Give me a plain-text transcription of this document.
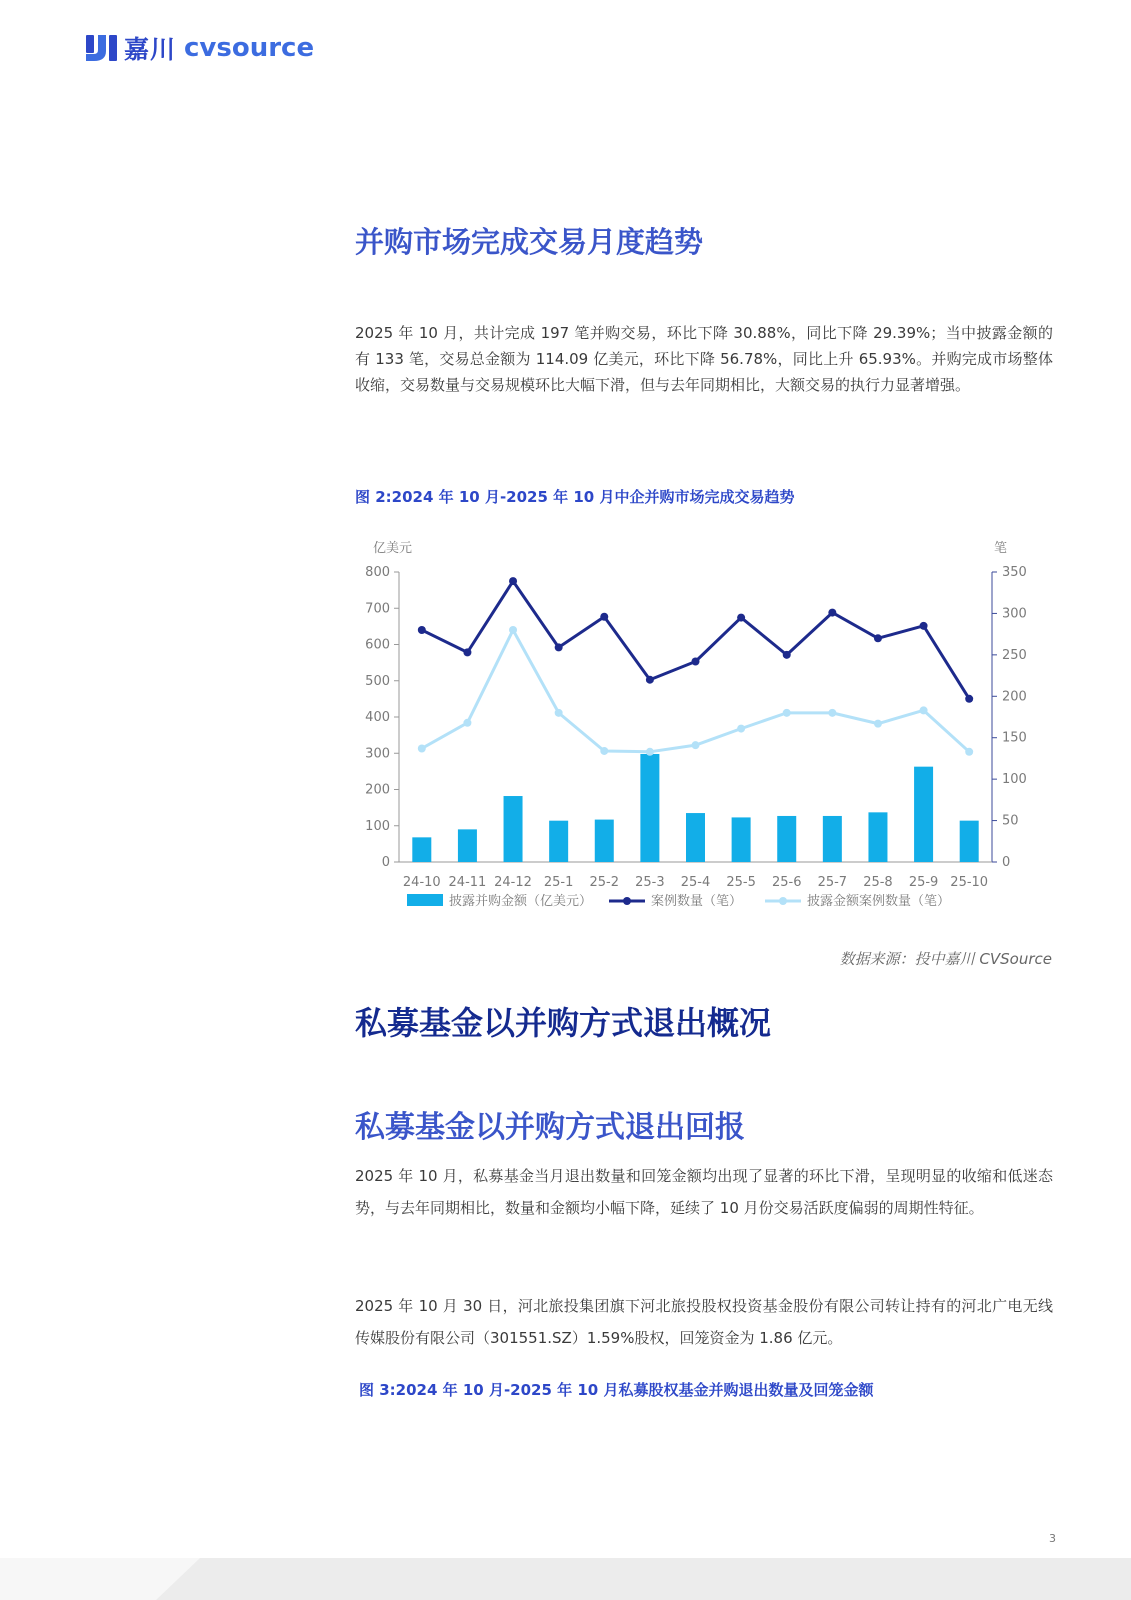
嘉川 cvsource
并购市场完成交易月度趋势

2025 年 10 月，共计完成 197 笔并购交易，环比下降 30.88%，同比下降 29.39%；当中披露金额的有 133 笔，交易总金额为 114.09 亿美元，环比下降 56.78%，同比上升 65.93%。并购完成市场整体收缩，交易数量与交易规模环比大幅下滑，但与去年同期相比，大额交易的执行力显著增强。

图 2:2024 年 10 月-2025 年 10 月中企并购市场完成交易趋势

亿美元	笔
0
100
200
300
400
500
600
700
800
0
50
100
150
200
250
300
350
24-10 24-11 24-12 25-1 25-2 25-3 25-4 25-5 25-6 25-7 25-8 25-9 25-10
披露并购金额（亿美元）	案例数量（笔）	披露金额案例数量（笔）

数据来源：投中嘉川 CVSource

私募基金以并购方式退出概况
私募基金以并购方式退出回报

2025 年 10 月，私募基金当月退出数量和回笼金额均出现了显著的环比下滑，呈现明显的收缩和低迷态势，与去年同期相比，数量和金额均小幅下降，延续了 10 月份交易活跃度偏弱的周期性特征。

2025 年 10 月 30 日，河北旅投集团旗下河北旅投股权投资基金股份有限公司转让持有的河北广电无线传媒股份有限公司（301551.SZ）1.59%股权，回笼资金为 1.86 亿元。

图 3:2024 年 10 月-2025 年 10 月私募股权基金并购退出数量及回笼金额

3
